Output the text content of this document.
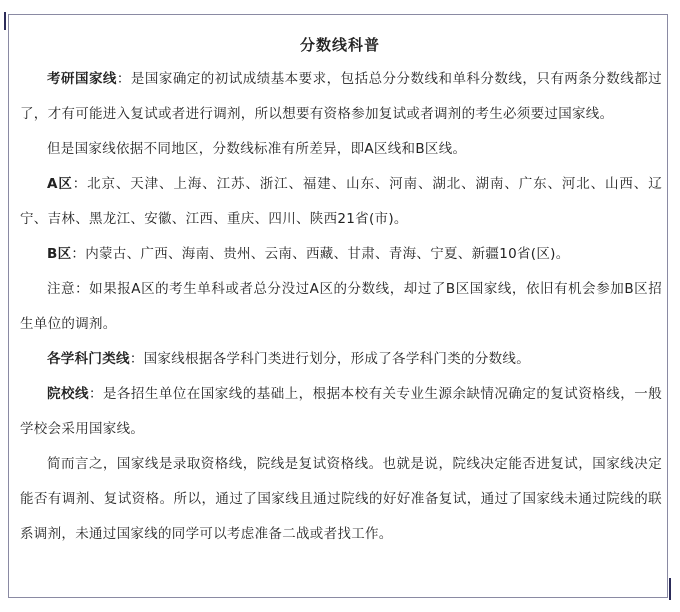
分数线科普

考研国家线：是国家确定的初试成绩基本要求，包括总分分数线和单科分数线，只有两条分数线都过了，才有可能进入复试或者进行调剂，所以想要有资格参加复试或者调剂的考生必须要过国家线。

但是国家线依据不同地区，分数线标准有所差异，即A区线和B区线。

A区：北京、天津、上海、江苏、浙江、福建、山东、河南、湖北、湖南、广东、河北、山西、辽宁、吉林、黑龙江、安徽、江西、重庆、四川、陕西21省(市)。

B区：内蒙古、广西、海南、贵州、云南、西藏、甘肃、青海、宁夏、新疆10省(区)。

注意：如果报A区的考生单科或者总分没过A区的分数线，却过了B区国家线，依旧有机会参加B区招生单位的调剂。

各学科门类线：国家线根据各学科门类进行划分，形成了各学科门类的分数线。

院校线：是各招生单位在国家线的基础上，根据本校有关专业生源余缺情况确定的复试资格线，一般学校会采用国家线。

简而言之，国家线是录取资格线，院线是复试资格线。也就是说，院线决定能否进复试，国家线决定能否有调剂、复试资格。所以，通过了国家线且通过院线的好好准备复试，通过了国家线未通过院线的联系调剂，未通过国家线的同学可以考虑准备二战或者找工作。
